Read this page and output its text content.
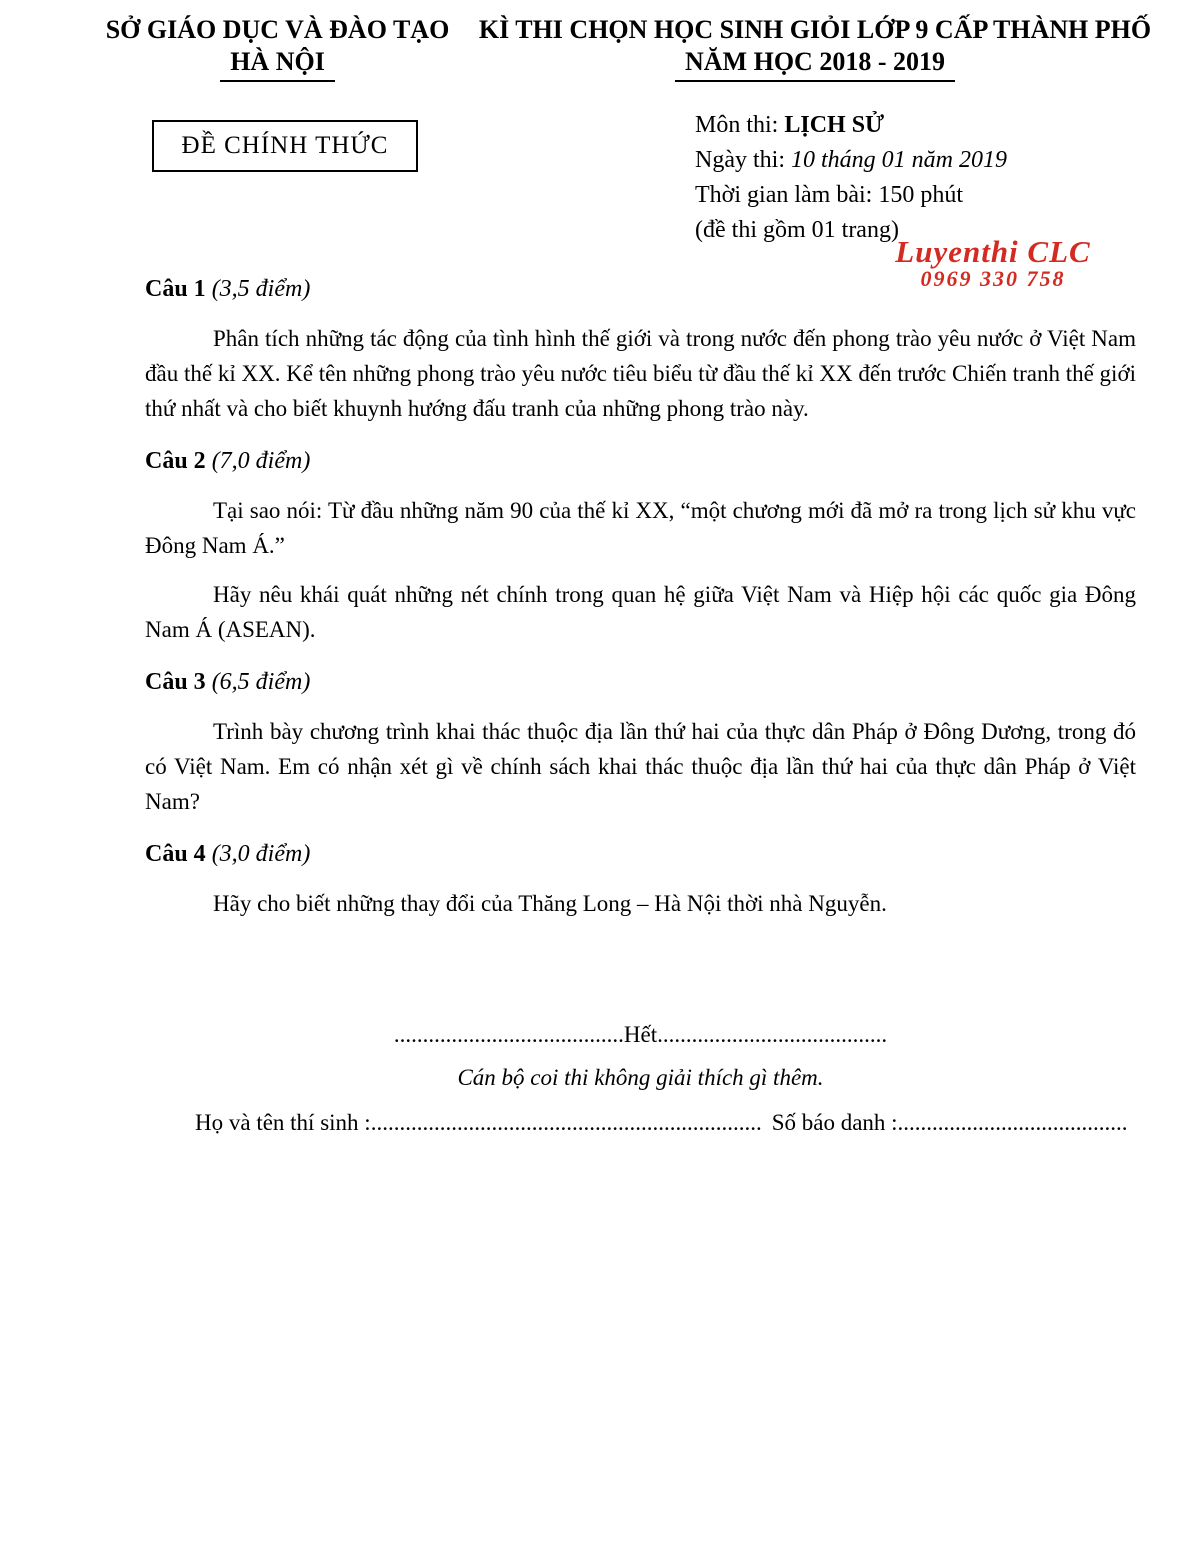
SỞ GIÁO DỤC VÀ ĐÀO TẠO
HÀ NỘI
KÌ THI CHỌN HỌC SINH GIỎI LỚP 9 CẤP THÀNH PHỐ
NĂM HỌC 2018 - 2019
ĐỀ CHÍNH THỨC
Môn thi: LỊCH SỬ
Ngày thi: 10 tháng 01 năm 2019
Thời gian làm bài: 150 phút
(đề thi gồm 01 trang)
Luyenthi CLC
0969 330 758
Câu 1 (3,5 điểm)

Phân tích những tác động của tình hình thế giới và trong nước đến phong trào yêu nước ở Việt Nam đầu thế kỉ XX. Kể tên những phong trào yêu nước tiêu biểu từ đầu thế kỉ XX đến trước Chiến tranh thế giới thứ nhất và cho biết khuynh hướng đấu tranh của những phong trào này.

Câu 2 (7,0 điểm)

Tại sao nói: Từ đầu những năm 90 của thế kỉ XX, “một chương mới đã mở ra trong lịch sử khu vực Đông Nam Á.”

Hãy nêu khái quát những nét chính trong quan hệ giữa Việt Nam và Hiệp hội các quốc gia Đông Nam Á (ASEAN).

Câu 3 (6,5 điểm)

Trình bày chương trình khai thác thuộc địa lần thứ hai của thực dân Pháp ở Đông Dương, trong đó có Việt Nam. Em có nhận xét gì về chính sách khai thác thuộc địa lần thứ hai của thực dân Pháp ở Việt Nam?

Câu 4 (3,0 điểm)

Hãy cho biết những thay đổi của Thăng Long – Hà Nội thời nhà Nguyễn.

........................................Hết........................................
Cán bộ coi thi không giải thích gì thêm.
Họ và tên thí sinh :.................................................................... Số báo danh :........................................
